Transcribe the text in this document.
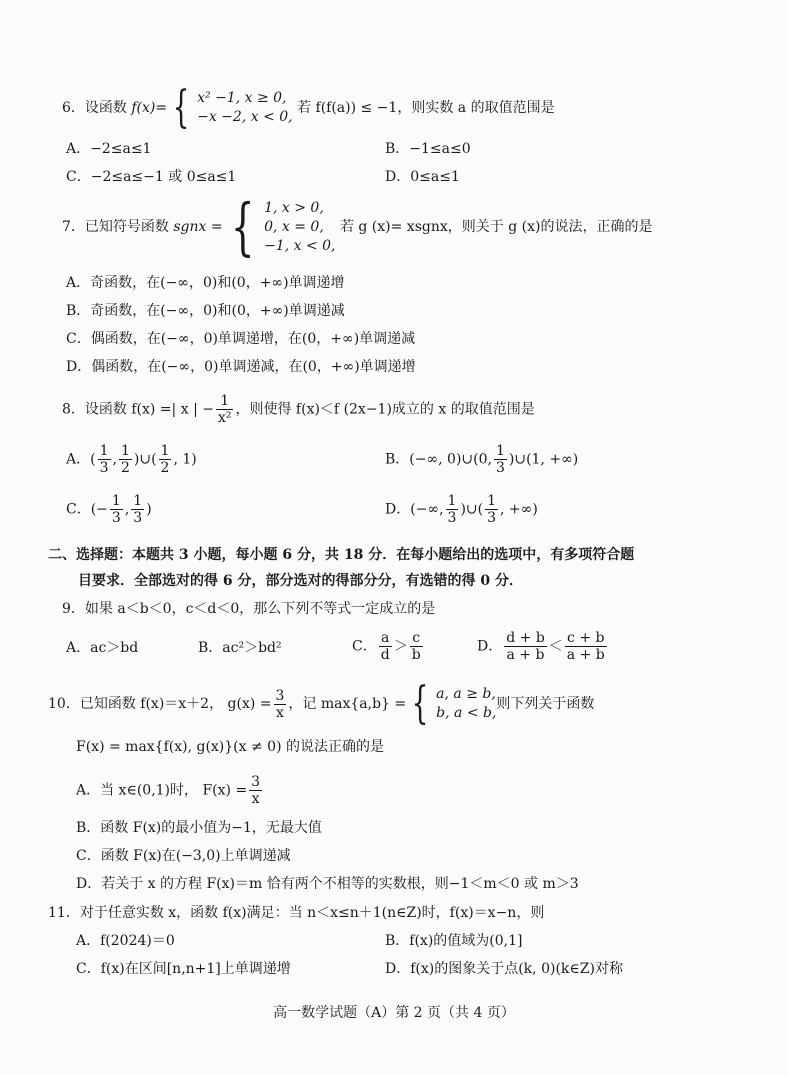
6．设函数 f(x)= { x² −1, x ≥ 0,
−x −2, x < 0,
若 f(f(a)) ≤ −1，则实数 a 的取值范围是
A．−2≤a≤1	B．−1≤a≤0
C．−2≤a≤−1 或 0≤a≤1	D．0≤a≤1
7．已知符号函数 sgnx = { 1, x > 0,
0, x = 0,
−1, x < 0,
若 g (x)= xsgnx，则关于 g (x)的说法，正确的是
A．奇函数，在(−∞，0)和(0，+∞)单调递增
B．奇函数，在(−∞，0)和(0，+∞)单调递减
C．偶函数，在(−∞，0)单调递增，在(0，+∞)单调递减
D．偶函数，在(−∞，0)单调递减，在(0，+∞)单调递增
8．设函数 f(x) =| x | − $\frac{1}{\text{x²}}$ ，则使得 f(x)＜f (2x−1)成立的 x 的取值范围是
A．( $\frac{1}{3}$ , $\frac{1}{2}$ )∪( $\frac{1}{2}$ , 1)	B．(−∞, 0)∪(0, $\frac{1}{3}$ )∪(1, +∞)
C．(− $\frac{1}{3}$ , $\frac{1}{3}$ )	D．(−∞, $\frac{1}{3}$ )∪( $\frac{1}{3}$ , +∞)
二、选择题：本题共 3 小题，每小题 6 分，共 18 分．在每小题给出的选项中，有多项符合题
目要求．全部选对的得 6 分，部分选对的得部分分，有选错的得 0 分．
9．如果 a＜b＜0，c＜d＜0，那么下列不等式一定成立的是
A．ac＞bd	B．ac²＞bd²	C． $\frac{a}{d} > \frac{c}{b}$	D． $\frac{d + b}{a + b} < \frac{c + b}{a + b}$
10．已知函数 f(x)＝x＋2， $g(x) = \frac{3}{x}$ ，记 max{a,b} = { a, a ≥ b,
b, a < b,
则下列关于函数
F(x) = max{f(x), g(x)}(x ≠ 0) 的说法正确的是
A．当 x∈(0,1)时， $F(x) = \frac{3}{x}$
B．函数 F(x)的最小值为−1，无最大值
C．函数 F(x)在(−3,0)上单调递减
D．若关于 x 的方程 F(x)＝m 恰有两个不相等的实数根，则−1＜m＜0 或 m＞3
11．对于任意实数 x，函数 f(x)满足：当 n＜x≤n＋1(n∈Z)时，f(x)＝x−n，则
A．f(2024)＝0	B．f(x)的值域为(0,1]
C．f(x)在区间[n,n+1]上单调递增	D．f(x)的图象关于点(k, 0)(k∈Z)对称
高一数学试题（A）第 2 页（共 4 页）
